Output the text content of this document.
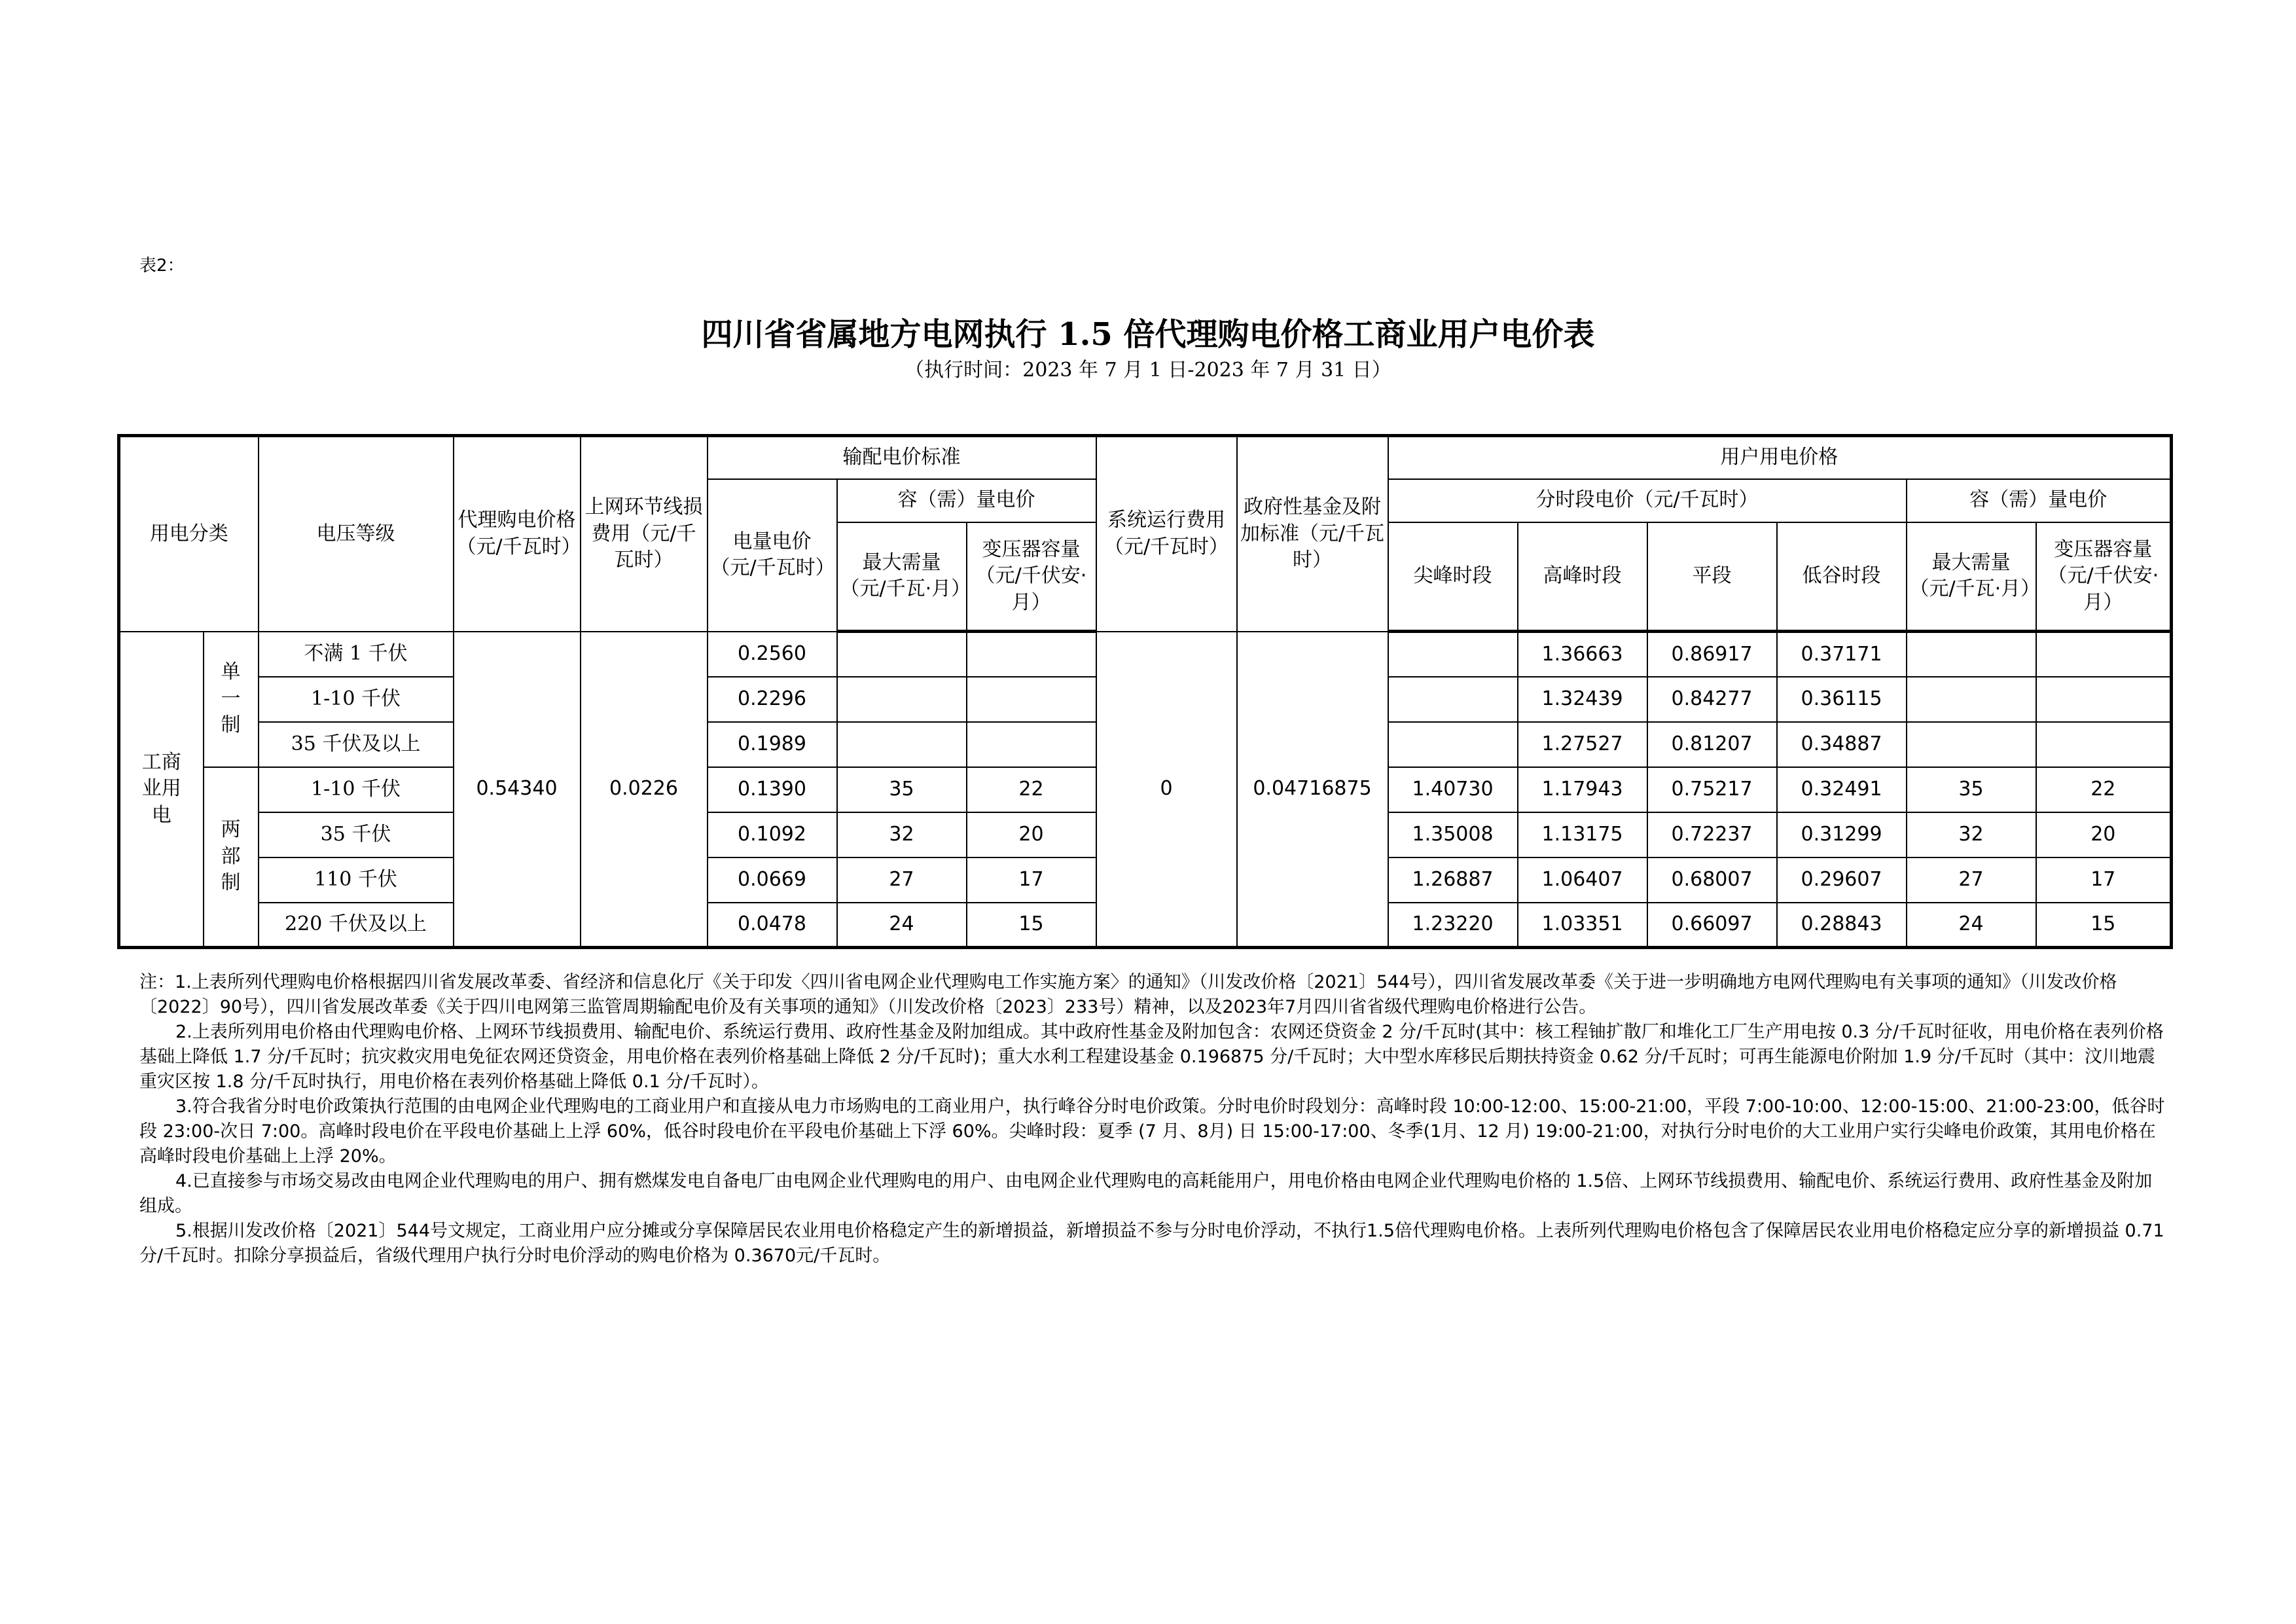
表2：
四川省省属地方电网执行 1.5 倍代理购电价格工商业用户电价表
（执行时间：2023 年 7 月 1 日-2023 年 7 月 31 日）
用电分类		电压等级	代理购电价格（元/千瓦时）	上网环节线损费用（元/千瓦时）	输配电价标准			系统运行费用（元/千瓦时）	政府性基金及附加标准（元/千瓦时）	用户用电价格					
					电量电价（元/千瓦时）	容（需）量电价				分时段电价（元/千瓦时）				容（需）量电价	
						最大需量（元/千瓦·月）	变压器容量（元/千伏安·月）			尖峰时段	高峰时段	平段	低谷时段	最大需量（元/千瓦·月）	变压器容量（元/千伏安·月）
工商业用电	单一制	不满 1 千伏	0.54340	0.0226	0.2560			0	0.04716875		1.36663	0.86917	0.37171		
		1-10 千伏			0.2296						1.32439	0.84277	0.36115		
		35 千伏及以上			0.1989						1.27527	0.81207	0.34887		
	两部制	1-10 千伏			0.1390	35	22			1.40730	1.17943	0.75217	0.32491	35	22
		35 千伏			0.1092	32	20			1.35008	1.13175	0.72237	0.31299	32	20
		110 千伏			0.0669	27	17			1.26887	1.06407	0.68007	0.29607	27	17
		220 千伏及以上			0.0478	24	15			1.23220	1.03351	0.66097	0.28843	24	15

注：1.上表所列代理购电价格根据四川省发展改革委、省经济和信息化厅《关于印发〈四川省电网企业代理购电工作实施方案〉的通知》（川发改价格〔2021〕544号），四川省发展改革委《关于进一步明确地方电网代理购电有关事项的通知》（川发改价格〔2022〕90号），四川省发展改革委《关于四川电网第三监管周期输配电价及有关事项的通知》（川发改价格〔2023〕233号）精神，以及2023年7月四川省省级代理购电价格进行公告。

2.上表所列用电价格由代理购电价格、上网环节线损费用、输配电价、系统运行费用、政府性基金及附加组成。其中政府性基金及附加包含：农网还贷资金 2 分/千瓦时(其中：核工程铀扩散厂和堆化工厂生产用电按 0.3 分/千瓦时征收，用电价格在表列价格基础上降低 1.7 分/千瓦时；抗灾救灾用电免征农网还贷资金，用电价格在表列价格基础上降低 2 分/千瓦时)；重大水利工程建设基金 0.196875 分/千瓦时；大中型水库移民后期扶持资金 0.62 分/千瓦时；可再生能源电价附加 1.9 分/千瓦时（其中：汶川地震重灾区按 1.8 分/千瓦时执行，用电价格在表列价格基础上降低 0.1 分/千瓦时）。

3.符合我省分时电价政策执行范围的由电网企业代理购电的工商业用户和直接从电力市场购电的工商业用户，执行峰谷分时电价政策。分时电价时段划分：高峰时段 10:00-12:00、15:00-21:00，平段 7:00-10:00、12:00-15:00、21:00-23:00，低谷时段 23:00-次日 7:00。高峰时段电价在平段电价基础上上浮 60%，低谷时段电价在平段电价基础上下浮 60%。尖峰时段：夏季 (7 月、8月) 日 15:00-17:00、冬季(1月、12 月) 19:00-21:00，对执行分时电价的大工业用户实行尖峰电价政策，其用电价格在高峰时段电价基础上上浮 20%。

4.已直接参与市场交易改由电网企业代理购电的用户、拥有燃煤发电自备电厂由电网企业代理购电的用户、由电网企业代理购电的高耗能用户，用电价格由电网企业代理购电价格的 1.5倍、上网环节线损费用、输配电价、系统运行费用、政府性基金及附加组成。

5.根据川发改价格〔2021〕544号文规定，工商业用户应分摊或分享保障居民农业用电价格稳定产生的新增损益，新增损益不参与分时电价浮动，不执行1.5倍代理购电价格。上表所列代理购电价格包含了保障居民农业用电价格稳定应分享的新增损益 0.71分/千瓦时。扣除分享损益后，省级代理用户执行分时电价浮动的购电价格为 0.3670元/千瓦时。
